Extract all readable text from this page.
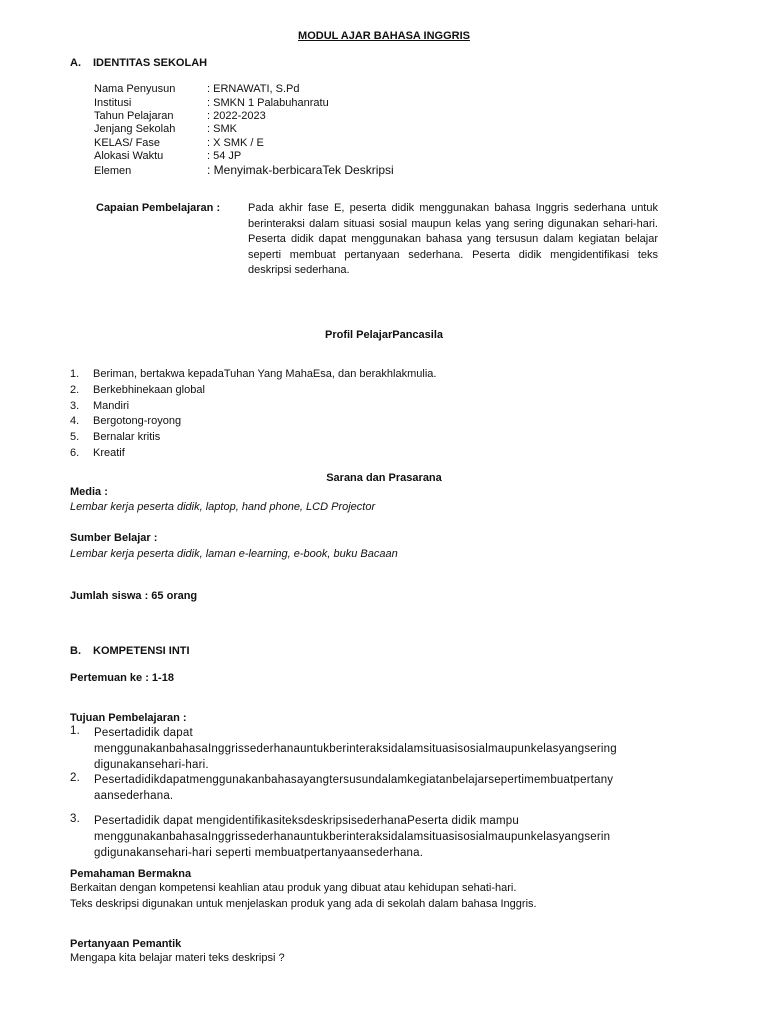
MODUL AJAR BAHASA INGGRIS
A. IDENTITAS SEKOLAH
Nama Penyusun	: ERNAWATI, S.Pd
Institusi	: SMKN 1 Palabuhanratu
Tahun Pelajaran	: 2022-2023
Jenjang Sekolah	: SMK
KELAS/ Fase	: X SMK / E
Alokasi Waktu	: 54 JP
Elemen	: Menyimak-berbicaraTek Deskripsi
Capaian Pembelajaran :	Pada akhir fase E, peserta didik menggunakan bahasa Inggris sederhana untuk berinteraksi dalam situasi sosial maupun kelas yang sering digunakan sehari-hari. Peserta didik dapat menggunakan bahasa yang tersusun dalam kegiatan belajar seperti membuat pertanyaan sederhana. Peserta didik mengidentifikasi teks deskripsi sederhana.
Profil PelajarPancasila
1. Beriman, bertakwa kepadaTuhan Yang MahaEsa, dan berakhlakmulia.
2. Berkebhinekaan global
3. Mandiri
4. Bergotong-royong
5. Bernalar kritis
6. Kreatif
Sarana dan Prasarana
Media :
Lembar kerja peserta didik, laptop, hand phone, LCD Projector
Sumber Belajar :
Lembar kerja peserta didik, laman e-learning, e-book, buku Bacaan
Jumlah siswa : 65 orang
B. KOMPETENSI INTI
Pertemuan ke : 1-18
Tujuan Pembelajaran :
1.	Pesertadidik dapat
menggunakanbahasaInggrissederhanauntukberinteraksidalamsituasisosialmaupunkelasyangsering
digunakansehari-hari.
2.	Pesertadidikdapatmenggunakanbahasayangtersusundalamkegiatanbelajarsepertimembuatpertany
aansederhana.
3.	Pesertadidik dapat mengidentifikasiteksdeskripsisederhanaPeserta didik mampu
menggunakanbahasaInggrissederhanauntukberinteraksidalamsituasisosialmaupunkelasyangserin
gdigunakansehari-hari seperti membuatpertanyaansederhana.
Pemahaman Bermakna
Berkaitan dengan kompetensi keahlian atau produk yang dibuat atau kehidupan sehati-hari.
Teks deskripsi digunakan untuk menjelaskan produk yang ada di sekolah dalam bahasa Inggris.
Pertanyaan Pemantik
Mengapa kita belajar materi teks deskripsi ?
